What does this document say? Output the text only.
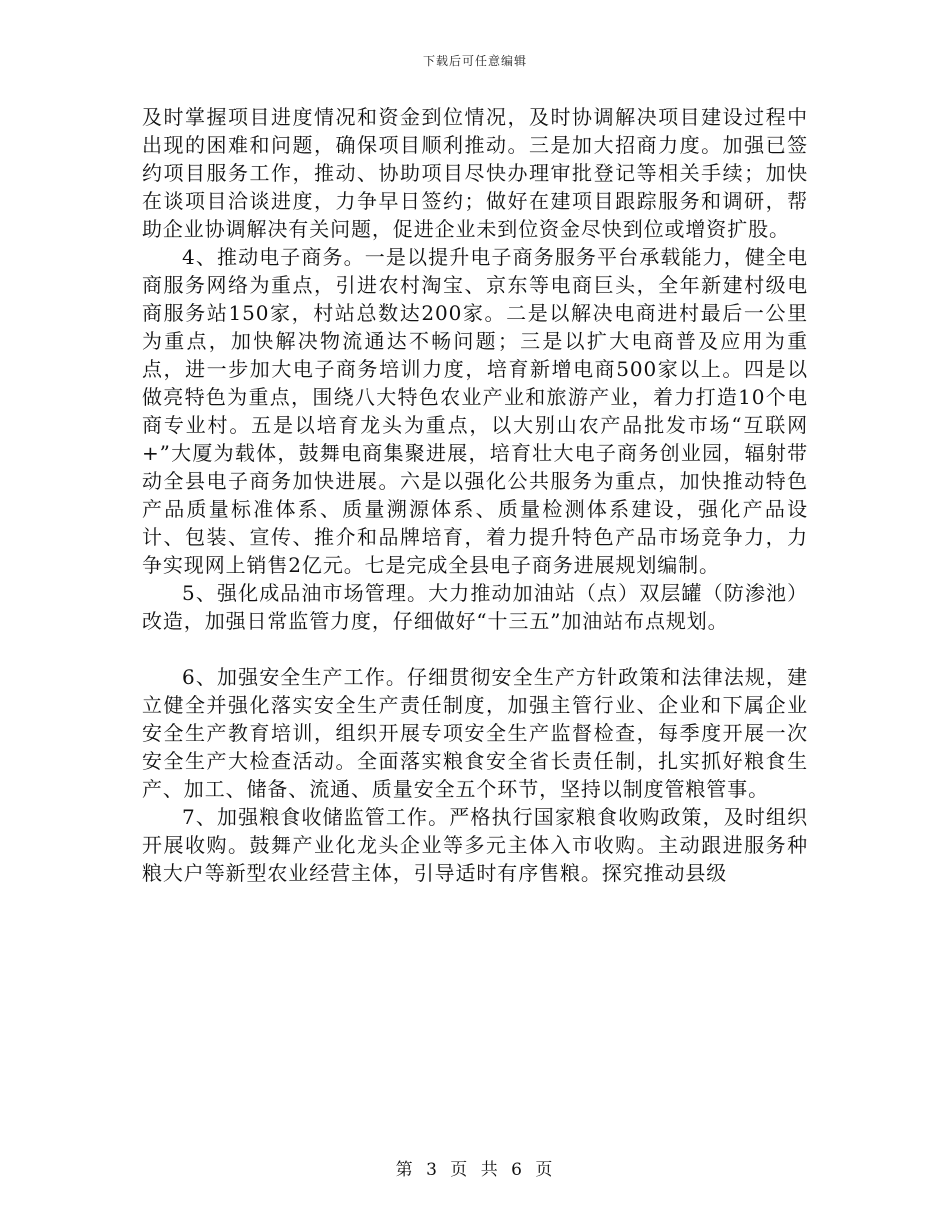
下载后可任意编辑

及时掌握项目进度情况和资金到位情况，及时协调解决项目建设过程中出现的困难和问题，确保项目顺利推动。三是加大招商力度。加强已签约项目服务工作，推动、协助项目尽快办理审批登记等相关手续；加快在谈项目洽谈进度，力争早日签约；做好在建项目跟踪服务和调研，帮助企业协调解决有关问题，促进企业未到位资金尽快到位或增资扩股。

4、推动电子商务。一是以提升电子商务服务平台承载能力，健全电商服务网络为重点，引进农村淘宝、京东等电商巨头，全年新建村级电商服务站150家，村站总数达200家。二是以解决电商进村最后一公里为重点，加快解决物流通达不畅问题；三是以扩大电商普及应用为重点，进一步加大电子商务培训力度，培育新增电商500家以上。四是以做亮特色为重点，围绕八大特色农业产业和旅游产业，着力打造10个电商专业村。五是以培育龙头为重点，以大别山农产品批发市场“互联网+”大厦为载体，鼓舞电商集聚进展，培育壮大电子商务创业园，辐射带动全县电子商务加快进展。六是以强化公共服务为重点，加快推动特色产品质量标准体系、质量溯源体系、质量检测体系建设，强化产品设计、包装、宣传、推介和品牌培育，着力提升特色产品市场竞争力，力争实现网上销售2亿元。七是完成全县电子商务进展规划编制。

5、强化成品油市场管理。大力推动加油站（点）双层罐（防渗池）改造，加强日常监管力度，仔细做好“十三五”加油站布点规划。

6、加强安全生产工作。仔细贯彻安全生产方针政策和法律法规，建立健全并强化落实安全生产责任制度，加强主管行业、企业和下属企业安全生产教育培训，组织开展专项安全生产监督检查，每季度开展一次安全生产大检查活动。全面落实粮食安全省长责任制，扎实抓好粮食生产、加工、储备、流通、质量安全五个环节，坚持以制度管粮管事。

7、加强粮食收储监管工作。严格执行国家粮食收购政策，及时组织开展收购。鼓舞产业化龙头企业等多元主体入市收购。主动跟进服务种粮大户等新型农业经营主体，引导适时有序售粮。探究推动县级

第 3 页 共 6 页
